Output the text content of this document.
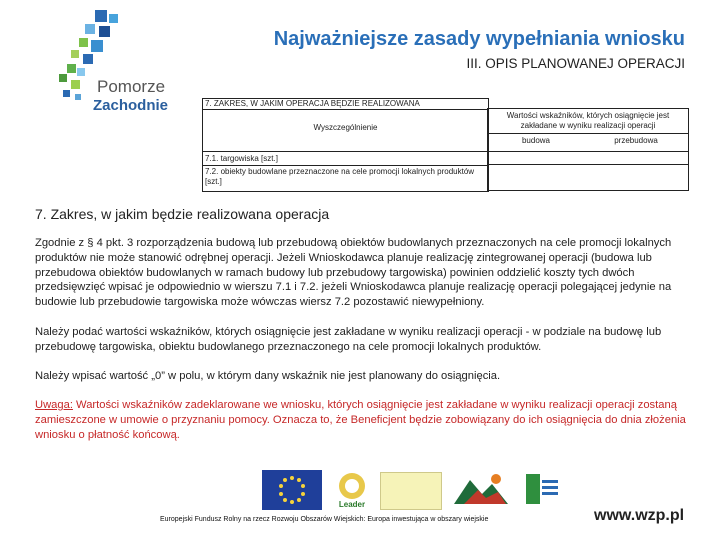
Pomorze
Zachodnie
Najważniejsze zasady wypełniania wniosku
III. OPIS PLANOWANEJ OPERACJI
7. ZAKRES, W JAKIM OPERACJA BĘDZIE REALIZOWANA
Wyszczególnienie
7.1. targowiska [szt.]
7.2. obiekty budowlane przeznaczone na cele promocji lokalnych produktów [szt.]
Wartości wskaźników, których osiągnięcie jest zakładane w wyniku realizacji operacji
budowa	przebudowa
7. Zakres, w jakim będzie realizowana operacja
Zgodnie z § 4 pkt. 3 rozporządzenia budową lub przebudową obiektów budowlanych przeznaczonych na cele promocji lokalnych produktów nie może stanowić odrębnej operacji. Jeżeli Wnioskodawca planuje realizację zintegrowanej operacji (budowa lub przebudowa obiektów budowlanych w ramach budowy lub przebudowy targowiska) powinien oddzielić koszty tych dwóch przedsięwzięć wpisać je odpowiednio w wierszu 7.1 i 7.2. jeżeli Wnioskodawca planuje realizację operacji polegającej jedynie na budowie lub przebudowie targowiska może wówczas wiersz 7.2 pozostawić niewypełniony.
Należy podać wartości wskaźników, których osiągnięcie jest zakładane w wyniku realizacji operacji - w podziale na budowę lub przebudowę targowiska, obiektu budowlanego przeznaczonego na cele promocji lokalnych produktów.
Należy wpisać wartość „0” w polu, w którym dany wskaźnik nie jest planowany do osiągnięcia.
Uwaga: Wartości wskaźników zadeklarowane we wniosku, których osiągnięcie jest zakładane w wyniku realizacji operacji zostaną zamieszczone w umowie o przyznaniu pomocy. Oznacza to, że Beneficjent będzie zobowiązany do ich osiągnięcia do dnia złożenia wniosku o płatność końcową.
Leader
Europejski Fundusz Rolny na rzecz Rozwoju Obszarów Wiejskich: Europa inwestująca w obszary wiejskie	www.wzp.pl
